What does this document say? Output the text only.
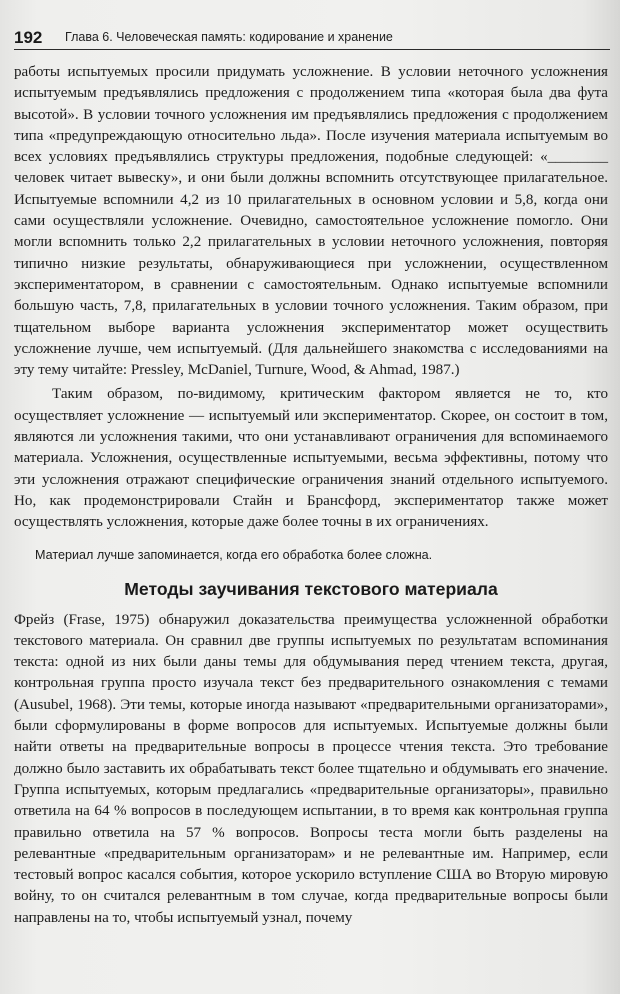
192 Глава 6. Человеческая память: кодирование и хранение

работы испытуемых просили придумать усложнение. В условии неточного усложнения испытуемым предъявлялись предложения с продолжением типа «которая была два фута высотой». В условии точного усложнения им предъявлялись предложения с продолжением типа «предупреждающую относительно льда». После изучения материала испытуемым во всех условиях предъявлялись структуры предложения, подобные следующей: «________ человек читает вывеску», и они были должны вспомнить отсутствующее прилагательное. Испытуемые вспомнили 4,2 из 10 прилагательных в основном условии и 5,8, когда они сами осуществляли усложнение. Очевидно, самостоятельное усложнение помогло. Они могли вспомнить только 2,2 прилагательных в условии неточного усложнения, повторяя типично низкие результаты, обнаруживающиеся при усложнении, осуществленном экспериментатором, в сравнении с самостоятельным. Однако испытуемые вспомнили большую часть, 7,8, прилагательных в условии точного усложнения. Таким образом, при тщательном выборе варианта усложнения экспериментатор может осуществить усложнение лучше, чем испытуемый. (Для дальнейшего знакомства с исследованиями на эту тему читайте: Pressley, McDaniel, Turnure, Wood, & Ahmad, 1987.)

Таким образом, по-видимому, критическим фактором является не то, кто осуществляет усложнение — испытуемый или экспериментатор. Скорее, он состоит в том, являются ли усложнения такими, что они устанавливают ограничения для вспоминаемого материала. Усложнения, осуществленные испытуемыми, весьма эффективны, потому что эти усложнения отражают специфические ограничения знаний отдельного испытуемого. Но, как продемонстрировали Стайн и Брансфорд, экспериментатор также может осуществлять усложнения, которые даже более точны в их ограничениях.

Материал лучше запоминается, когда его обработка более сложна.

Методы заучивания текстового материала

Фрейз (Frase, 1975) обнаружил доказательства преимущества усложненной обработки текстового материала. Он сравнил две группы испытуемых по результатам вспоминания текста: одной из них были даны темы для обдумывания перед чтением текста, другая, контрольная группа просто изучала текст без предварительного ознакомления с темами (Ausubel, 1968). Эти темы, которые иногда называют «предварительными организаторами», были сформулированы в форме вопросов для испытуемых. Испытуемые должны были найти ответы на предварительные вопросы в процессе чтения текста. Это требование должно было заставить их обрабатывать текст более тщательно и обдумывать его значение. Группа испытуемых, которым предлагались «предварительные организаторы», правильно ответила на 64 % вопросов в последующем испытании, в то время как контрольная группа правильно ответила на 57 % вопросов. Вопросы теста могли быть разделены на релевантные «предварительным организаторам» и не релевантные им. Например, если тестовый вопрос касался события, которое ускорило вступление США во Вторую мировую войну, то он считался релевантным в том случае, когда предварительные вопросы были направлены на то, чтобы испытуемый узнал, почему
